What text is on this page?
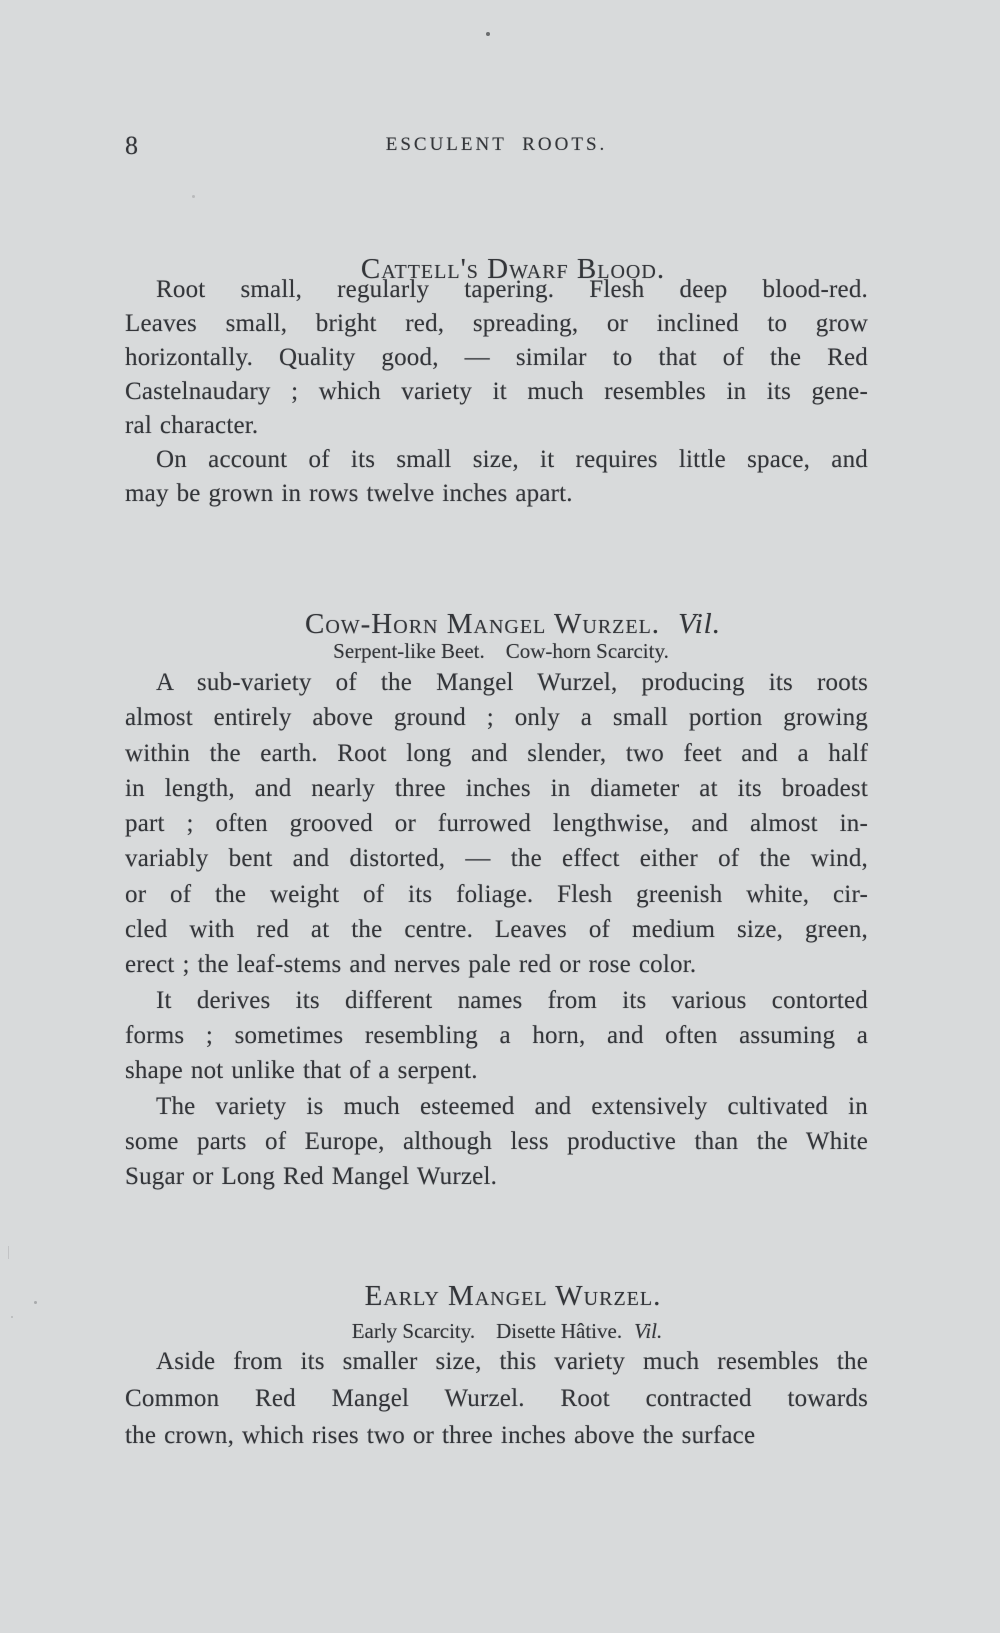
8	ESCULENT ROOTS.

Cattell's Dwarf Blood.

Root small, regularly tapering. Flesh deep blood-red.
Leaves small, bright red, spreading, or inclined to grow
horizontally. Quality good, — similar to that of the Red
Castelnaudary ; which variety it much resembles in its gene-
ral character.
On account of its small size, it requires little space, and
may be grown in rows twelve inches apart.

Cow-Horn Mangel Wurzel. Vil.

Serpent-like Beet. Cow-horn Scarcity.

A sub-variety of the Mangel Wurzel, producing its roots
almost entirely above ground ; only a small portion growing
within the earth. Root long and slender, two feet and a half
in length, and nearly three inches in diameter at its broadest
part ; often grooved or furrowed lengthwise, and almost in-
variably bent and distorted, — the effect either of the wind,
or of the weight of its foliage. Flesh greenish white, cir-
cled with red at the centre. Leaves of medium size, green,
erect ; the leaf-stems and nerves pale red or rose color.
It derives its different names from its various contorted
forms ; sometimes resembling a horn, and often assuming a
shape not unlike that of a serpent.
The variety is much esteemed and extensively cultivated in
some parts of Europe, although less productive than the White
Sugar or Long Red Mangel Wurzel.

Early Mangel Wurzel.

Early Scarcity. Disette Hâtive. Vil.

Aside from its smaller size, this variety much resembles the
Common Red Mangel Wurzel. Root contracted towards
the crown, which rises two or three inches above the surface
